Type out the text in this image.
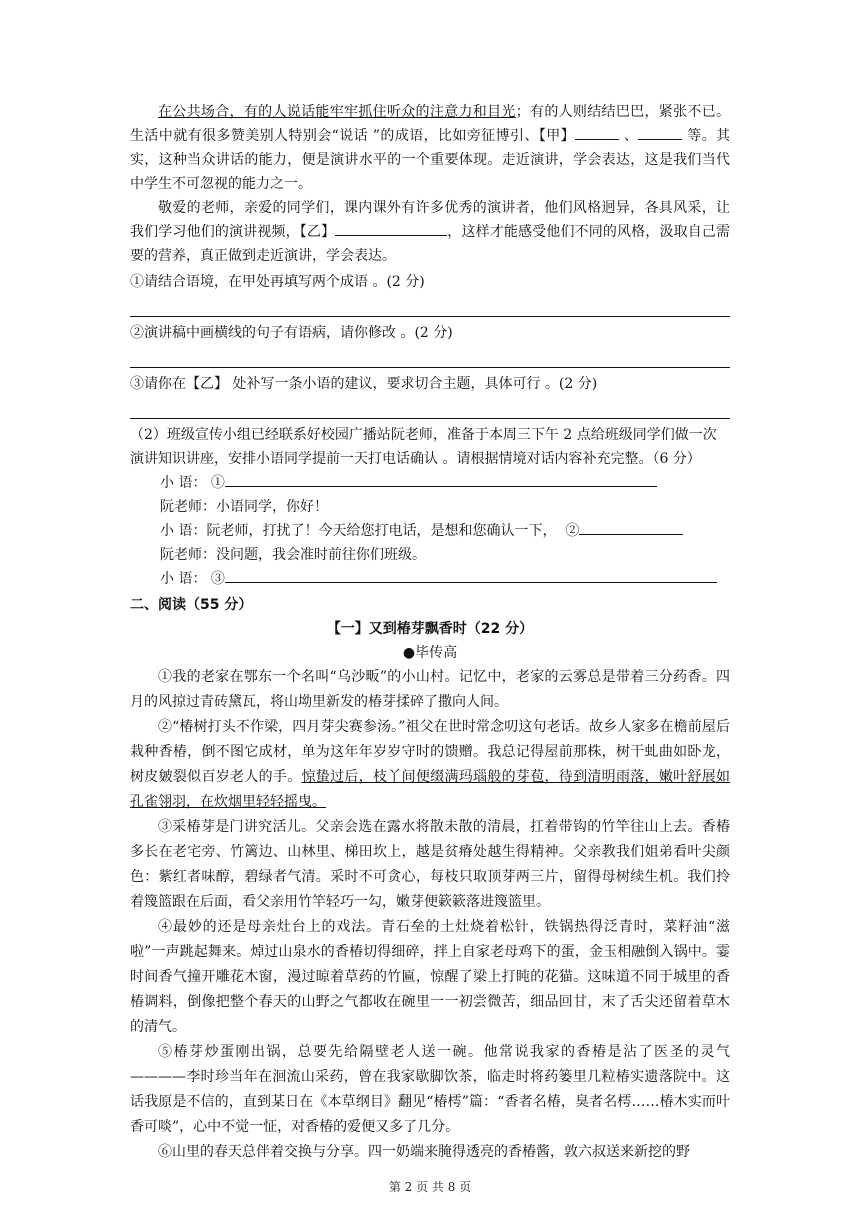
在公共场合，有的人说话能牢牢抓住听众的注意力和目光；有的人则结结巴巴，紧张不已。生活中就有很多赞美别人特别会“说话 ”的成语，比如旁征博引、【甲】	、	等。其实，这种当众讲话的能力，便是演讲水平的一个重要体现。走近演讲，学会表达，这是我们当代中学生不可忽视的能力之一。

敬爱的老师，亲爱的同学们，课内课外有许多优秀的演讲者，他们风格迥异，各具风采，让我们学习他们的演讲视频，【乙】	，这样才能感受他们不同的风格，汲取自己需要的营养，真正做到走近演讲，学会表达。

①请结合语境，在甲处再填写两个成语 。(2 分)

②演讲稿中画横线的句子有语病，请你修改 。(2 分)

③请你在【乙】 处补写一条小语的建议，要求切合主题，具体可行 。(2 分)

（2）班级宣传小组已经联系好校园广播站阮老师，准备于本周三下午 2 点给班级同学们做一次演讲知识讲座，安排小语同学提前一天打电话确认 。请根据情境对话内容补充完整。（6 分）

小 语： ①

阮老师：小语同学，你好！

小 语：阮老师，打扰了！今天给您打电话，是想和您确认一下， ②

阮老师：没问题，我会准时前往你们班级。

小 语： ③

二、阅读（55 分）

【一】又到椿芽飘香时（22 分）

●毕传高

①我的老家在鄂东一个名叫“乌沙畈”的小山村。记忆中，老家的云雾总是带着三分药香。四月的风掠过青砖黛瓦，将山坳里新发的椿芽揉碎了撒向人间。

②“椿树打头不作梁，四月芽尖赛参汤。”祖父在世时常念叨这句老话。故乡人家多在檐前屋后栽种香椿，倒不图它成材，单为这年年岁岁守时的馈赠。我总记得屋前那株，树干虬曲如卧龙，树皮皴裂似百岁老人的手。惊蛰过后，枝丫间便缀满玛瑙般的芽苞，待到清明雨落，嫩叶舒展如孔雀翎羽，在炊烟里轻轻摇曳。

③采椿芽是门讲究活儿。父亲会选在露水将散未散的清晨，扛着带钩的竹竿往山上去。香椿多长在老宅旁、竹篱边、山林里、梯田坎上，越是贫瘠处越生得精神。父亲教我们姐弟看叶尖颜色：紫红者味醇，碧绿者气清。采时不可贪心，每枝只取顶芽两三片，留得母树续生机。我们拎着篾篮跟在后面，看父亲用竹竿轻巧一勾，嫩芽便簌簌落进篾篮里。

④最妙的还是母亲灶台上的戏法。青石垒的土灶烧着松针，铁锅热得泛青时，菜籽油“滋啦”一声跳起舞来。焯过山泉水的香椿切得细碎，拌上自家老母鸡下的蛋，金玉相融倒入锅中。霎时间香气撞开雕花木窗，漫过晾着草药的竹匾，惊醒了梁上打盹的花猫。这味道不同于城里的香椿调料，倒像把整个春天的山野之气都收在碗里一一初尝微苦，细品回甘，末了舌尖还留着草木的清气。

⑤椿芽炒蛋刚出锅，总要先给隔壁老人送一碗。他常说我家的香椿是沾了医圣的灵气————李时珍当年在洄流山采药，曾在我家歇脚饮茶，临走时将药篓里几粒椿实遗落院中。这话我原是不信的，直到某日在《本草纲目》翻见“椿樗”篇：“香者名椿，臭者名樗……椿木实而叶香可啖”，心中不觉一怔，对香椿的爱便又多了几分。

⑥山里的春天总伴着交换与分享。四一奶端来腌得透亮的香椿酱，敦六叔送来新挖的野

第 2 页 共 8 页
